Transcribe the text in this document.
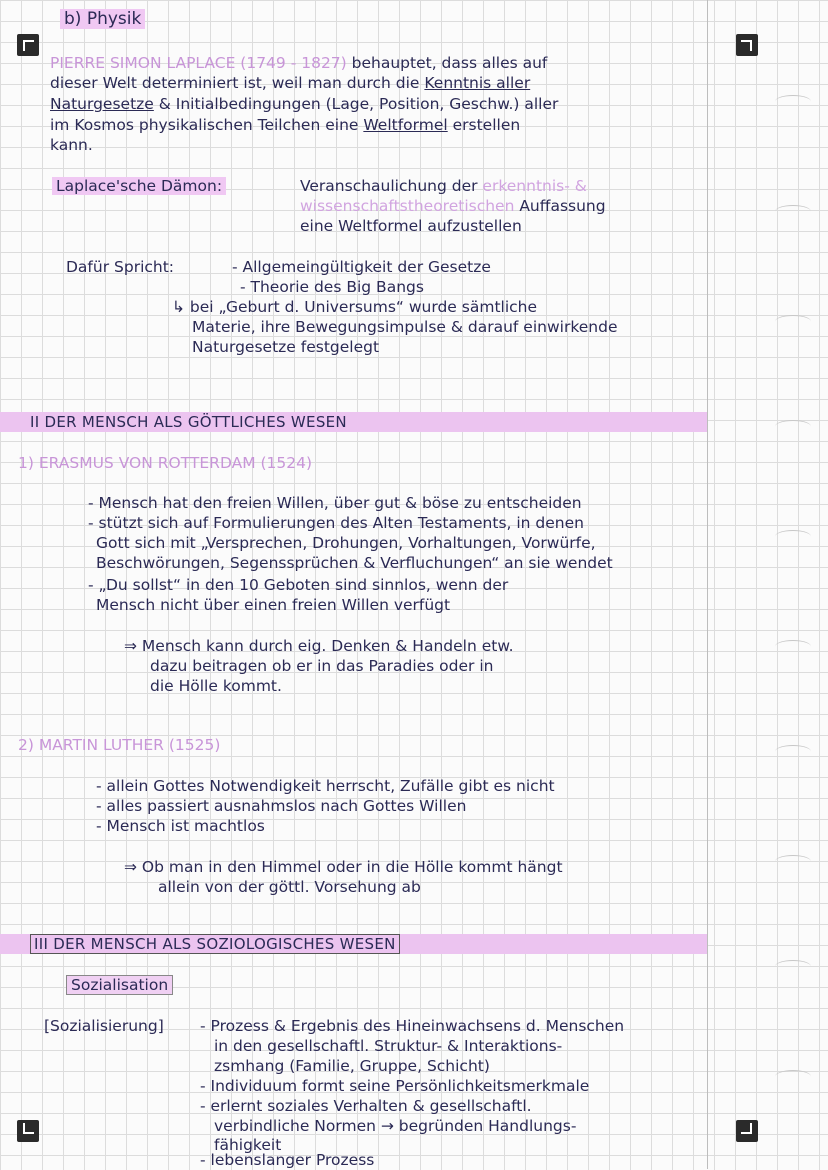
b) Physik
PIERRE SIMON LAPLACE (1749 - 1827) behauptet, dass alles auf
dieser Welt determiniert ist, weil man durch die Kenntnis aller
Naturgesetze & Initialbedingungen (Lage, Position, Geschw.) aller
im Kosmos physikalischen Teilchen eine Weltformel erstellen
kann.
Laplace'sche Dämon:	Veranschaulichung der erkenntnis- &
wissenschaftstheoretischen Auffassung
eine Weltformel aufzustellen
Dafür Spricht:	- Allgemeingültigkeit der Gesetze
- Theorie des Big Bangs
↳ bei „Geburt d. Universums“ wurde sämtliche
Materie, ihre Bewegungsimpulse & darauf einwirkende
Naturgesetze festgelegt
II DER MENSCH ALS GÖTTLICHES WESEN
1) ERASMUS VON ROTTERDAM (1524)
- Mensch hat den freien Willen, über gut & böse zu entscheiden
- stützt sich auf Formulierungen des Alten Testaments, in denen
Gott sich mit „Versprechen, Drohungen, Vorhaltungen, Vorwürfe,
Beschwörungen, Segenssprüchen & Verfluchungen“ an sie wendet
- „Du sollst“ in den 10 Geboten sind sinnlos, wenn der
Mensch nicht über einen freien Willen verfügt
⇒ Mensch kann durch eig. Denken & Handeln etw.
dazu beitragen ob er in das Paradies oder in
die Hölle kommt.
2) MARTIN LUTHER (1525)
- allein Gottes Notwendigkeit herrscht, Zufälle gibt es nicht
- alles passiert ausnahmslos nach Gottes Willen
- Mensch ist machtlos
⇒ Ob man in den Himmel oder in die Hölle kommt hängt
allein von der göttl. Vorsehung ab
III DER MENSCH ALS SOZIOLOGISCHES WESEN
Sozialisation
[Sozialisierung] - Prozess & Ergebnis des Hineinwachsens d. Menschen
in den gesellschaftl. Struktur- & Interaktions-
zsmhang (Familie, Gruppe, Schicht)
- Individuum formt seine Persönlichkeitsmerkmale
- erlernt soziales Verhalten & gesellschaftl.
verbindliche Normen → begründen Handlungs-
fähigkeit
- lebenslanger Prozess
